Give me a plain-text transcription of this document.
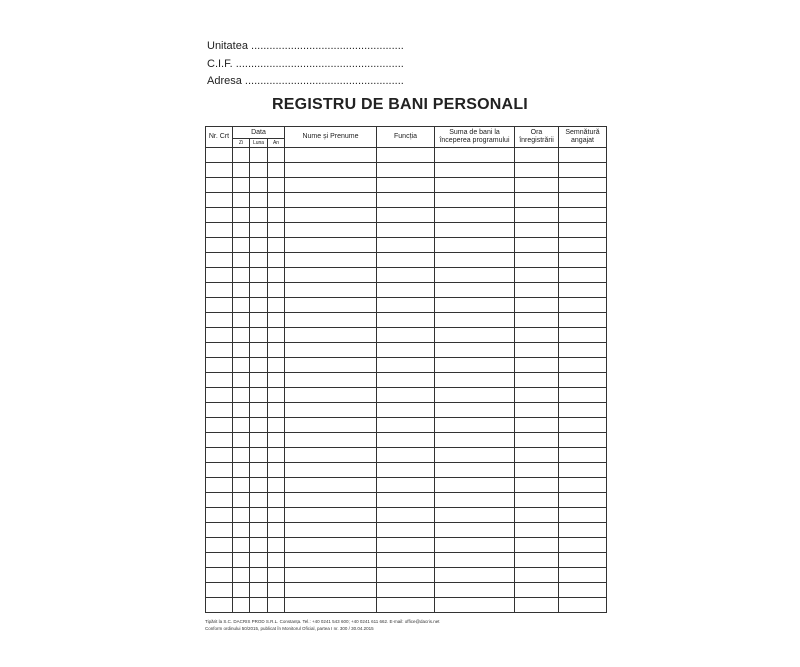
Unitatea ..................................................
C.I.F. .......................................................
Adresa ....................................................
REGISTRU DE BANI PERSONALI
Nr. Crt	Data			Nume și Prenume	Funcția	Suma de bani la începerea programului	Ora înregistrării	Semnătură angajat
	Zi	Luna	An					

Tipărit la S.C. DACRIS PROD S.R.L. Constanța. Tel.: +40 0241 543 600; +40 0241 611 662. E-mail: office@dacris.net
Conform ordinului 50/2015, publicat în Monitorul Oficial, partea I nr. 300 / 30.04.2015
